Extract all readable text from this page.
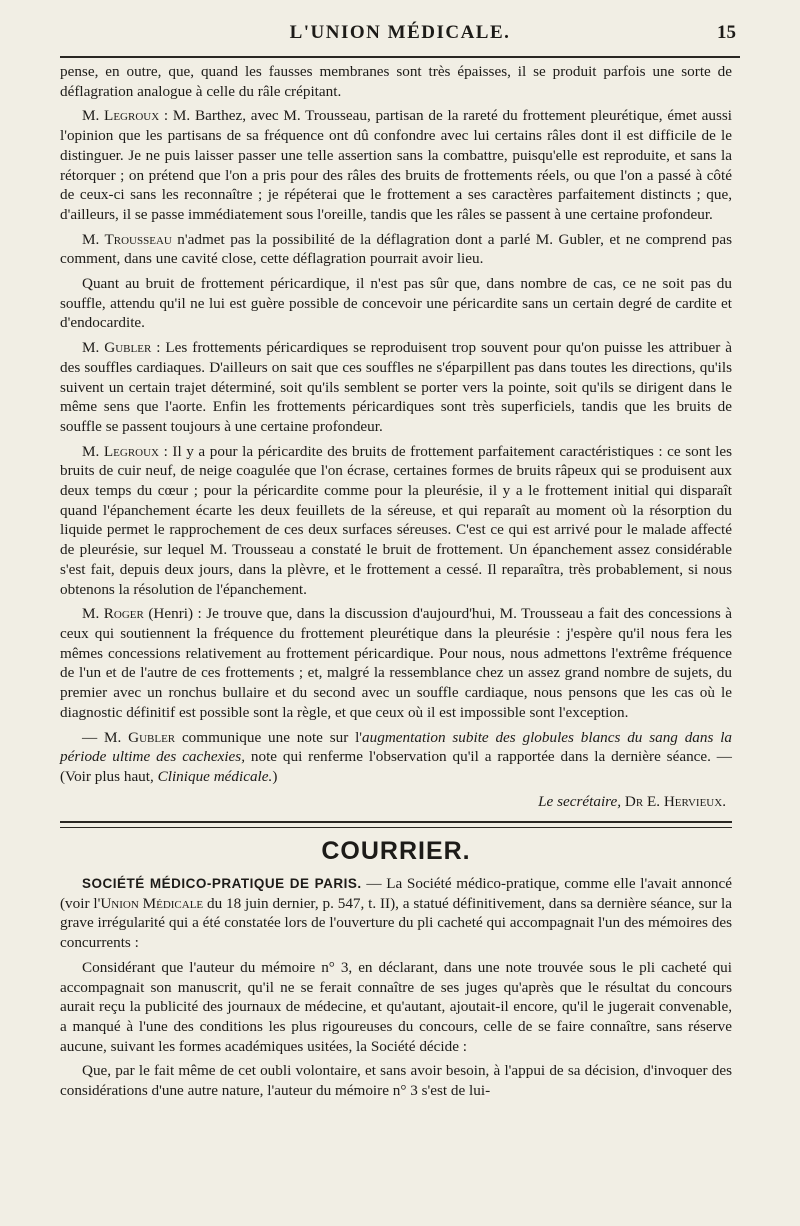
L'UNION MÉDICALE.	15

pense, en outre, que, quand les fausses membranes sont très épaisses, il se produit parfois une sorte de déflagration analogue à celle du râle crépitant.

M. Legroux : M. Barthez, avec M. Trousseau, partisan de la rareté du frottement pleurétique, émet aussi l'opinion que les partisans de sa fréquence ont dû confondre avec lui certains râles dont il est difficile de le distinguer. Je ne puis laisser passer une telle assertion sans la combattre, puisqu'elle est reproduite, et sans la rétorquer ; on prétend que l'on a pris pour des râles des bruits de frottements réels, ou que l'on a passé à côté de ceux-ci sans les reconnaître ; je répéterai que le frottement a ses caractères parfaitement distincts ; que, d'ailleurs, il se passe immédiatement sous l'oreille, tandis que les râles se passent à une certaine profondeur.

M. Trousseau n'admet pas la possibilité de la déflagration dont a parlé M. Gubler, et ne comprend pas comment, dans une cavité close, cette déflagration pourrait avoir lieu.

Quant au bruit de frottement péricardique, il n'est pas sûr que, dans nombre de cas, ce ne soit pas du souffle, attendu qu'il ne lui est guère possible de concevoir une péricardite sans un certain degré de cardite et d'endocardite.

M. Gubler : Les frottements péricardiques se reproduisent trop souvent pour qu'on puisse les attribuer à des souffles cardiaques. D'ailleurs on sait que ces souffles ne s'éparpillent pas dans toutes les directions, qu'ils suivent un certain trajet déterminé, soit qu'ils semblent se porter vers la pointe, soit qu'ils se dirigent dans le même sens que l'aorte. Enfin les frottements péricardiques sont très superficiels, tandis que les bruits de souffle se passent toujours à une certaine profondeur.

M. Legroux : Il y a pour la péricardite des bruits de frottement parfaitement caractéristiques : ce sont les bruits de cuir neuf, de neige coagulée que l'on écrase, certaines formes de bruits râpeux qui se produisent aux deux temps du cœur ; pour la péricardite comme pour la pleurésie, il y a le frottement initial qui disparaît quand l'épanchement écarte les deux feuillets de la séreuse, et qui reparaît au moment où la résorption du liquide permet le rapprochement de ces deux surfaces séreuses. C'est ce qui est arrivé pour le malade affecté de pleurésie, sur lequel M. Trousseau a constaté le bruit de frottement. Un épanchement assez considérable s'est fait, depuis deux jours, dans la plèvre, et le frottement a cessé. Il reparaîtra, très probablement, si nous obtenons la résolution de l'épanchement.

M. Roger (Henri) : Je trouve que, dans la discussion d'aujourd'hui, M. Trousseau a fait des concessions à ceux qui soutiennent la fréquence du frottement pleurétique dans la pleurésie : j'espère qu'il nous fera les mêmes concessions relativement au frottement péricardique. Pour nous, nous admettons l'extrême fréquence de l'un et de l'autre de ces frottements ; et, malgré la ressemblance chez un assez grand nombre de sujets, du premier avec un ronchus bullaire et du second avec un souffle cardiaque, nous pensons que les cas où le diagnostic définitif est possible sont la règle, et que ceux où il est impossible sont l'exception.

— M. Gubler communique une note sur l'augmentation subite des globules blancs du sang dans la période ultime des cachexies, note qui renferme l'observation qu'il a rapportée dans la dernière séance. — (Voir plus haut, Clinique médicale.)

Le secrétaire, Dr E. Hervieux.
COURRIER.

SOCIÉTÉ MÉDICO-PRATIQUE DE PARIS. — La Société médico-pratique, comme elle l'avait annoncé (voir l'Union Médicale du 18 juin dernier, p. 547, t. II), a statué définitivement, dans sa dernière séance, sur la grave irrégularité qui a été constatée lors de l'ouverture du pli cacheté qui accompagnait l'un des mémoires des concurrents :

Considérant que l'auteur du mémoire n° 3, en déclarant, dans une note trouvée sous le pli cacheté qui accompagnait son manuscrit, qu'il ne se ferait connaître de ses juges qu'après que le résultat du concours aurait reçu la publicité des journaux de médecine, et qu'autant, ajoutait-il encore, qu'il le jugerait convenable, a manqué à l'une des conditions les plus rigoureuses du concours, celle de se faire connaître, sans réserve aucune, suivant les formes académiques usitées, la Société décide :

Que, par le fait même de cet oubli volontaire, et sans avoir besoin, à l'appui de sa décision, d'invoquer des considérations d'une autre nature, l'auteur du mémoire n° 3 s'est de lui-
